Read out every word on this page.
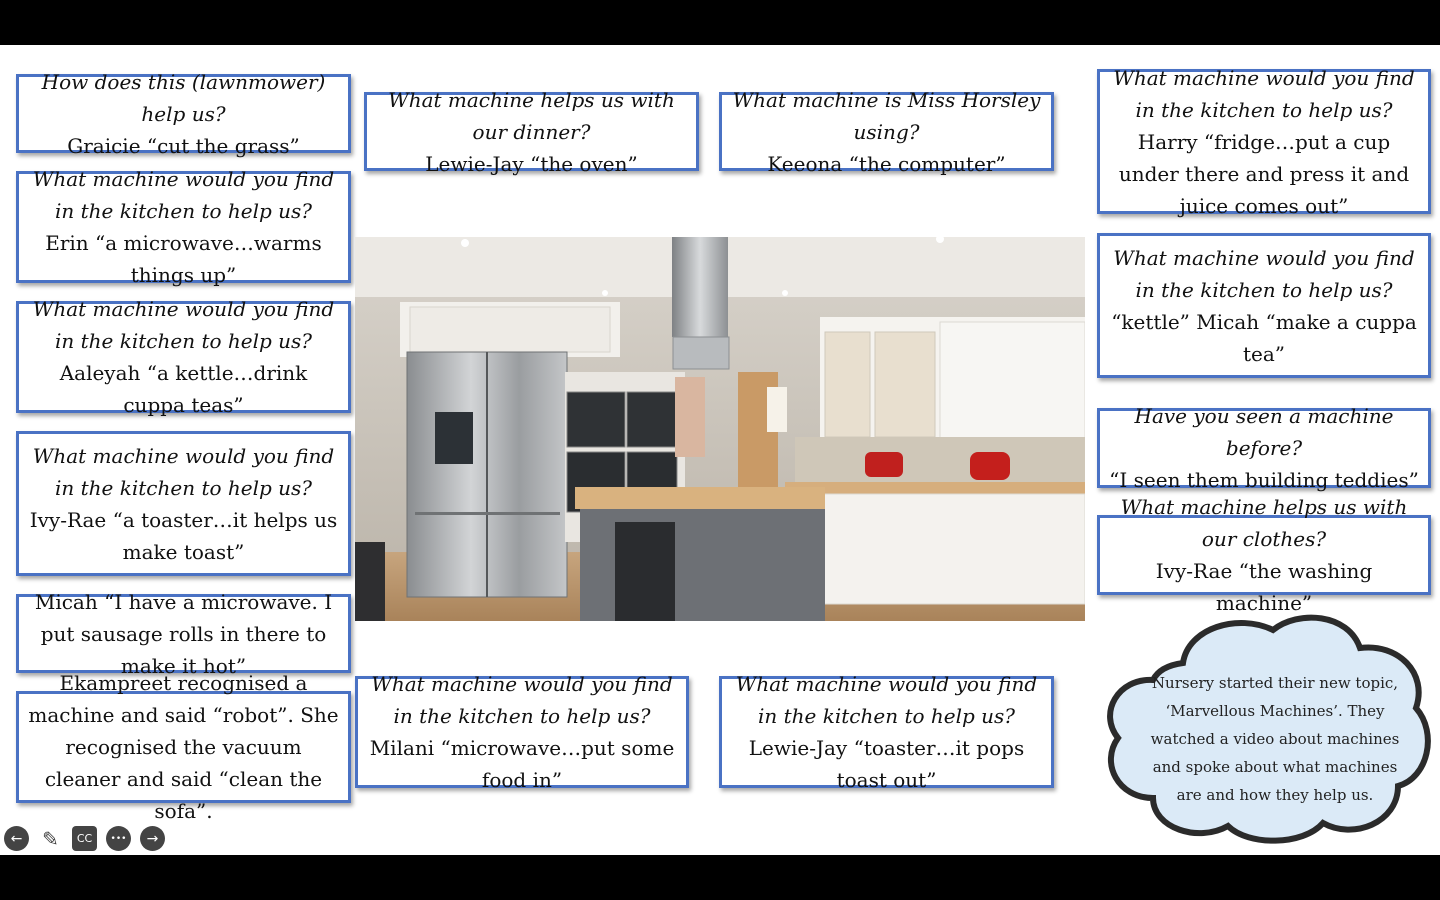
How does this (lawnmower) help us?
Graicie “cut the grass”
What machine would you find in the kitchen to help us?
Erin “a microwave…warms things up”
What machine would you find in the kitchen to help us?
Aaleyah “a kettle…drink cuppa teas”
What machine would you find in the kitchen to help us?
Ivy-Rae “a toaster…it helps us make toast”
Micah “I have a microwave. I put sausage rolls in there to make it hot”
Ekampreet recognised a machine and said “robot”. She recognised the vacuum cleaner and said “clean the sofa”.
What machine helps us with our dinner?
Lewie-Jay “the oven”
What machine is Miss Horsley using?
Keeona “the computer”
What machine would you find in the kitchen to help us?
Harry “fridge…put a cup under there and press it and juice comes out”
What machine would you find in the kitchen to help us?
“kettle” Micah “make a cuppa tea”
Have you seen a machine before?
“I seen them building teddies”
What machine helps us with our clothes?
Ivy-Rae “the washing machine”
What machine would you find in the kitchen to help us?
Milani “microwave…put some food in”
What machine would you find in the kitchen to help us?
Lewie-Jay “toaster…it pops toast out”
Nursery started their new topic, ‘Marvellous Machines’. They watched a video about machines and spoke about what machines are and how they help us.
← ✎	CC	•••	→
